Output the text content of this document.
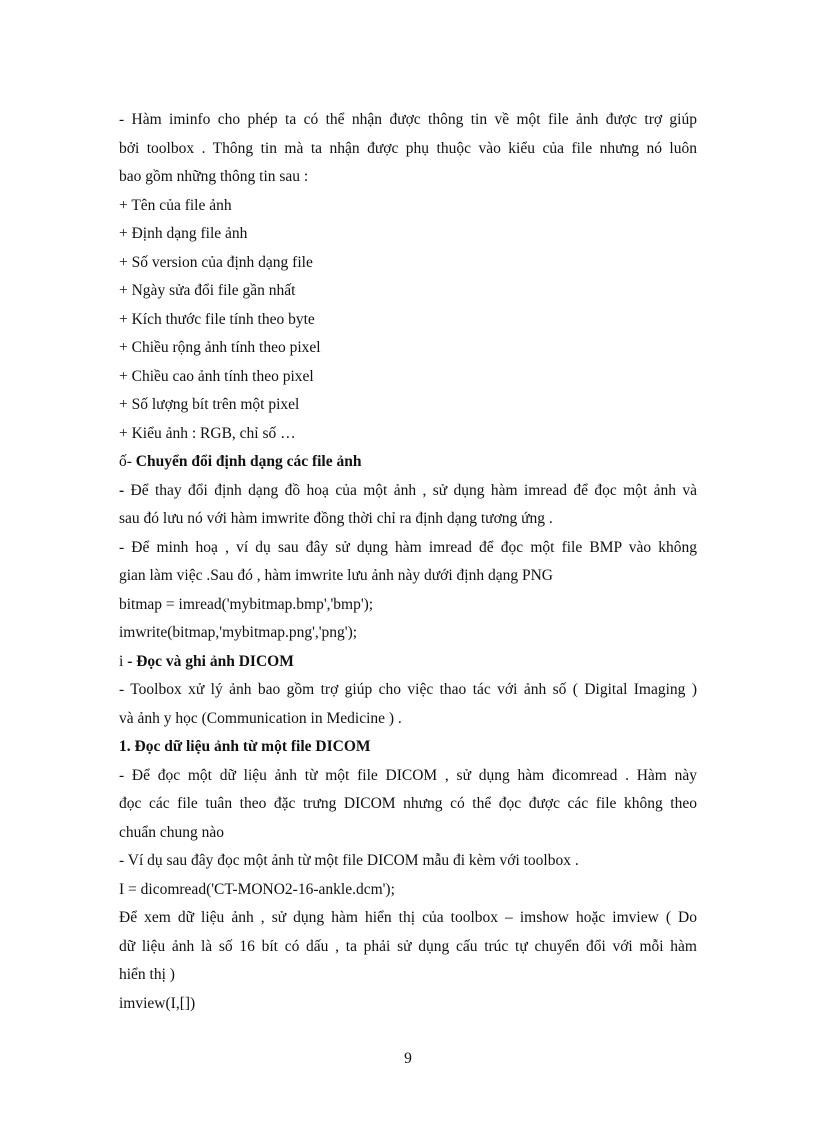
- Hàm iminfo cho phép ta có thể nhận được thông tin về một file ảnh được trợ giúp
bởi toolbox . Thông tin mà ta nhận được phụ thuộc vào kiểu của file nhưng nó luôn
bao gồm những thông tin sau :
+ Tên của file ảnh
+ Định dạng file ảnh
+ Số version của định dạng file
+ Ngày sửa đổi file gần nhất
+ Kích thước file tính theo byte
+ Chiều rộng ảnh tính theo pixel
+ Chiều cao ảnh tính theo pixel
+ Số lượng bít trên một pixel
+ Kiểu ảnh : RGB, chỉ số …
ố- Chuyển đổi định dạng các file ảnh
- Để thay đổi định dạng đồ hoạ của một ảnh , sử dụng hàm imread để đọc một ảnh và
sau đó lưu nó với hàm imwrite đồng thời chỉ ra định dạng tương ứng .
- Để minh hoạ , ví dụ sau đây sử dụng hàm imread để đọc một file BMP vào không
gian làm việc .Sau đó , hàm imwrite lưu ảnh này dưới định dạng PNG
bitmap = imread('mybitmap.bmp','bmp');
imwrite(bitmap,'mybitmap.png','png');
i - Đọc và ghi ảnh DICOM
- Toolbox xử lý ảnh bao gồm trợ giúp cho việc thao tác với ảnh số ( Digital Imaging )
và ảnh y học (Communication in Medicine ) .
1. Đọc dữ liệu ảnh từ một file DICOM
- Để đọc một dữ liệu ảnh từ một file DICOM , sử dụng hàm đicomread . Hàm này
đọc các file tuân theo đặc trưng DICOM nhưng có thể đọc được các file không theo
chuẩn chung nào
- Ví dụ sau đây đọc một ảnh từ một file DICOM mẫu đi kèm với toolbox .
I = dicomread('CT-MONO2-16-ankle.dcm');
Để xem dữ liệu ảnh , sử dụng hàm hiển thị của toolbox – imshow hoặc imview ( Do
dữ liệu ảnh là số 16 bít có dấu , ta phải sử dụng cấu trúc tự chuyển đổi với mỗi hàm
hiển thị )
imview(I,[])
9
